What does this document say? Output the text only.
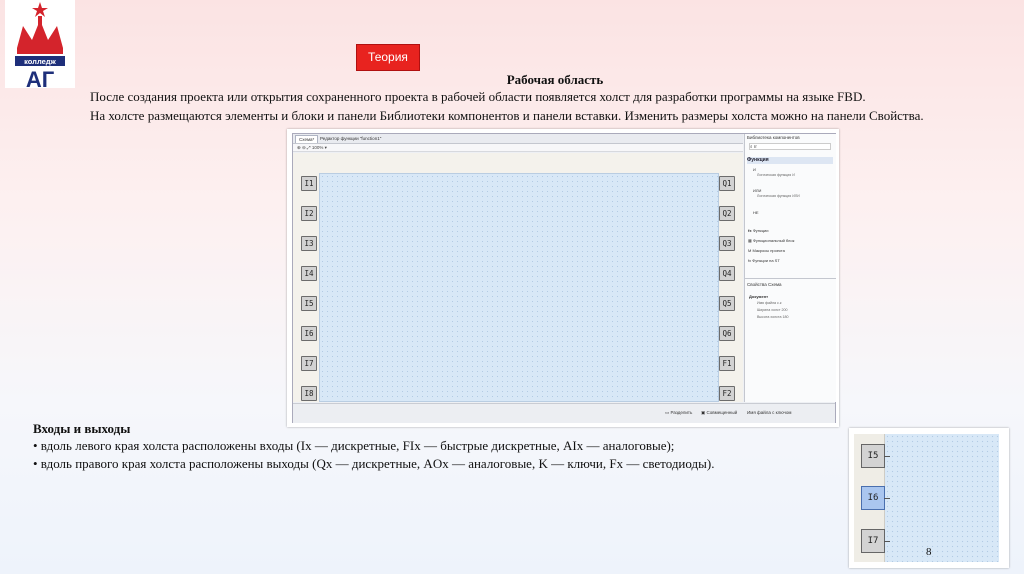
колледж
АГ
Теория
Рабочая область
После создания проекта или открытия сохраненного проекта в рабочей области появляется холст для разработки программы на языке FBD.
На холсте размещаются элементы и блоки и панели Библиотеки компонентов и панели вставки. Изменить размеры холста можно на панели Свойства.
Схема*	Редактор функции "function1"
⊕ ⊖ ⤢ 100% ▾
I1
I2
I3
I4
I5
I6
I7
I8
Q1
Q2
Q3
Q4
Q5
Q6
F1
F2
▭ Разделить ▣ Совмещенный Имя файла с ключом
Библиотека компонентов
⌕ гг
Функция
И
Логическая функция И
ИЛИ
Логическая функция ИЛИ
НЕ
fx Функции
▦ Функциональный блок
M Макросы проекта
fx Функции на ST
Свойства Схема
Документ
Имя файла с.к
Ширина холст 200
Высота холста 180
Входы и выходы
• вдоль левого края холста расположены входы (Ix — дискретные, FIx — быстрые дискретные, AIx — аналоговые);
• вдоль правого края холста расположены выходы (Qx — дискретные, AOx — аналоговые, K — ключи, Fx — светодиоды).	I5
I6
I7
8
